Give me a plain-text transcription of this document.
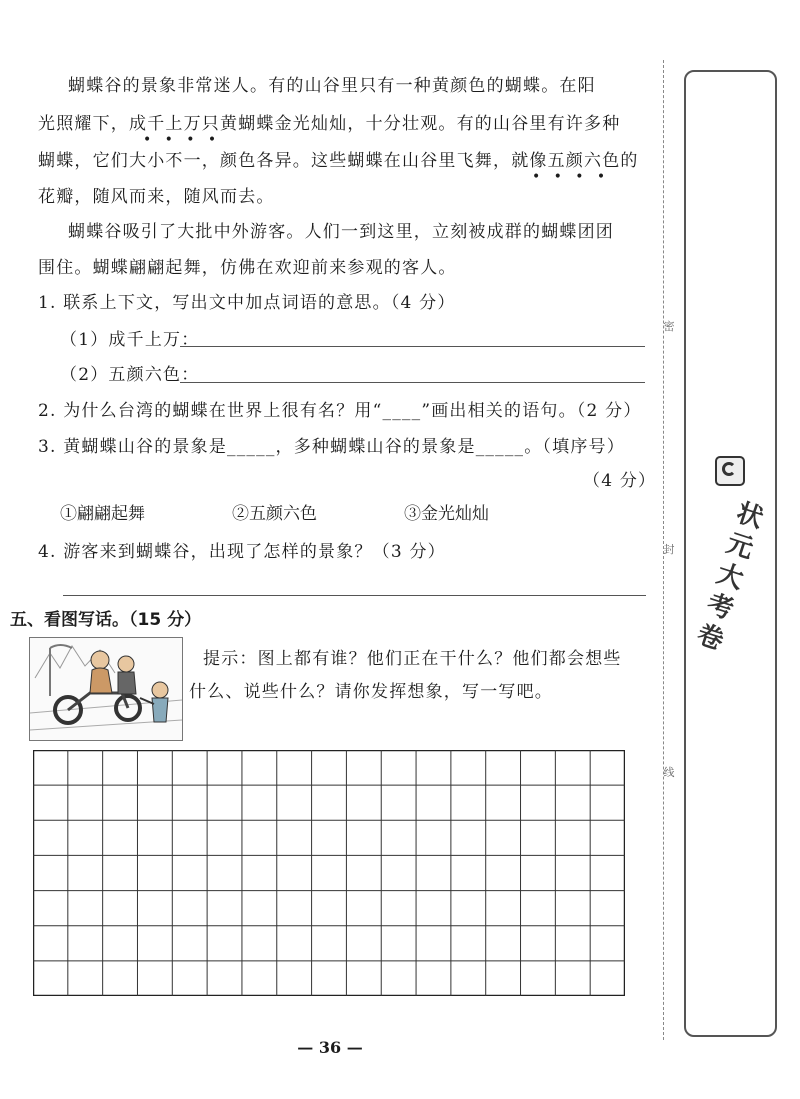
蝴蝶谷的景象非常迷人。有的山谷里只有一种黄颜色的蝴蝶。在阳
光照耀下，成千上万只黄蝴蝶金光灿灿，十分壮观。有的山谷里有许多种
•   •   •   •
蝴蝶，它们大小不一，颜色各异。这些蝴蝶在山谷里飞舞，就像五颜六色的
•   •   •   •
花瓣，随风而来，随风而去。
蝴蝶谷吸引了大批中外游客。人们一到这里，立刻被成群的蝴蝶团团
围住。蝴蝶翩翩起舞，仿佛在欢迎前来参观的客人。
1. 联系上下文，写出文中加点词语的意思。（4 分）
（1）成千上万：
（2）五颜六色：
2. 为什么台湾的蝴蝶在世界上很有名？用“____”画出相关的语句。（2 分）
3. 黄蝴蝶山谷的景象是_____，多种蝴蝶山谷的景象是_____。（填序号）
（4 分）
①翩翩起舞	②五颜六色	③金光灿灿
4. 游客来到蝴蝶谷，出现了怎样的景象？（3 分）
五、看图写话。（15 分）
提示：图上都有谁？他们正在干什么？他们都会想些
什么、说些什么？请你发挥想象，写一写吧。
— 36 —
密
封
线
状元大考卷
